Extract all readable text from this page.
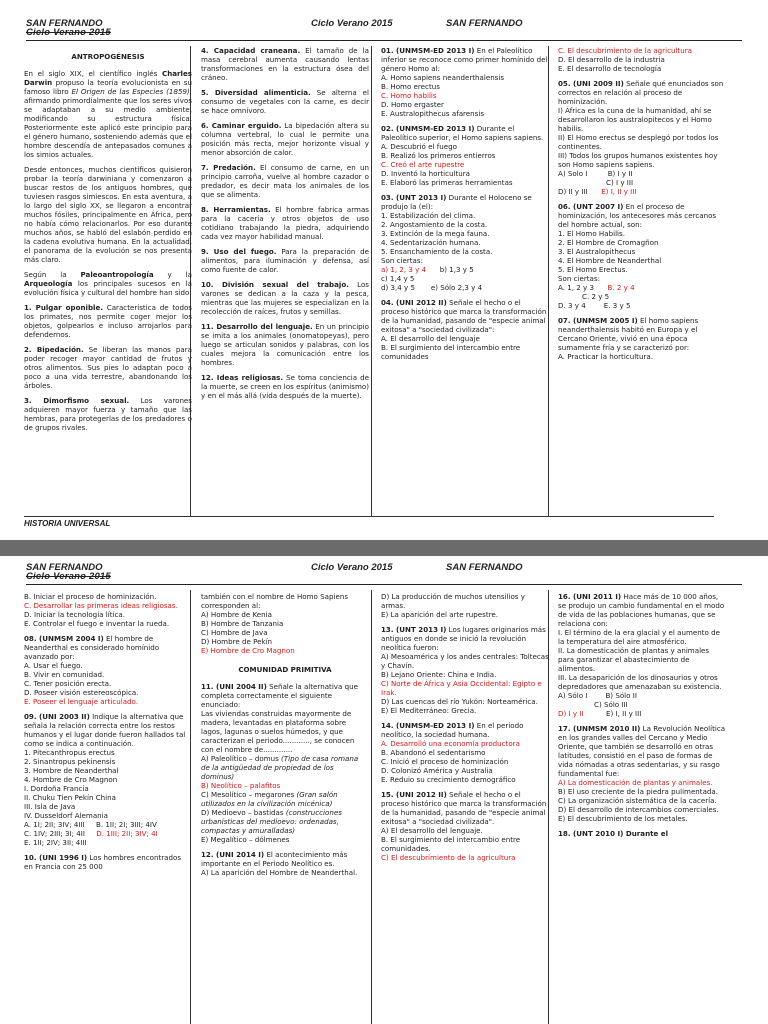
SAN FERNANDO
Ciclo Verano 2015
Ciclo Verano 2015	SAN FERNANDO
ANTROPOGÉNESIS

En el siglo XIX, el científico inglés Charles Darwin propuso la teoría evolucionista en su famoso libro El Origen de las Especies (1859), afirmando primordialmente que los seres vivos se adaptaban a su medio ambiente, modificando su estructura física. Posteriormente este aplicó este principio para el género humano, sosteniendo además que el hombre descendía de antepasados comunes a los simios actuales.

Desde entonces, muchos científicos quisieron probar la teoría darwiniana y comenzaron a buscar restos de los antiguos hombres, que tuviesen rasgos simiescos. En esta aventura, a lo largo del siglo XX, se llegaron a encontrar muchos fósiles, principalmente en África, pero no había cómo relacionarlos. Por eso durante muchos años, se habló del eslabón perdido en la cadena evolutiva humana. En la actualidad, el panorama de la evolución se nos presenta más claro.

Según la Paleoantropología y la Arqueología los principales sucesos en la evolución física y cultural del hombre han sido:

1. Pulgar oponible. Característica de todos los primates, nos permite coger mejor los objetos, golpearlos e incluso arrojarlos para defendernos.

2. Bipedación. Se liberan las manos para poder recoger mayor cantidad de frutos y otros alimentos. Sus pies lo adaptan poco a poco a una vida terrestre, abandonando los árboles.

3. Dimorfismo sexual. Los varones adquieren mayor fuerza y tamaño que las hembras, para protegerlas de los predadores o de grupos rivales.

4. Capacidad craneana. El tamaño de la masa cerebral aumenta causando lentas transformaciones en la estructura ósea del cráneo.

5. Diversidad alimenticia. Se alterna el consumo de vegetales con la carne, es decir se hace omnívoro.

6. Caminar erguido. La bipedación altera su columna vertebral, lo cual le permite una posición más recta, mejor horizonte visual y menor absorción de calor.

7. Predación. El consumo de carne, en un principio carroña, vuelve al hombre cazador o predador, es decir mata los animales de los que se alimenta.

8. Herramientas. El hombre fabrica armas para la cacería y otros objetos de uso cotidiano trabajando la piedra, adquiriendo cada vez mayor habilidad manual.

9. Uso del fuego. Para la preparación de alimentos, para iluminación y defensa, así como fuente de calor.

10. División sexual del trabajo. Los varones se dedican a la caza y la pesca, mientras que las mujeres se especializan en la recolección de raíces, frutos y semillas.

11. Desarrollo del lenguaje. En un principio se imita a los animales (onomatopeyas), pero luego se articulan sonidos y palabras, con los cuales mejora la comunicación entre los hombres.

12. Ideas religiosas. Se toma conciencia de la muerte, se creen en los espíritus (animismo) y en el más allá (vida después de la muerte).

01. (UNMSM-ED 2013 I) En el Paleolítico inferior se reconoce como primer homínido del género Homo al:
A. Homo sapiens neanderthalensis
B. Homo erectus
C. Homo habilis
D. Homo ergaster
E. Australopithecus afarensis
02. (UNMSM-ED 2013 I) Durante el Paleolítico superior, el Homo sapiens sapiens.
A. Descubrió el fuego
B. Realizó los primeros entierros
C. Creó el arte rupestre
D. Inventó la horticultura
E. Elaboró las primeras herramientas
03. (UNT 2013 I) Durante el Holoceno se produjo la (el):
1. Estabilización del clima.
2. Angostamiento de la costa.
3. Extinción de la mega fauna.
4. Sedentarización humana.
5. Ensanchamiento de la costa.
Son ciertas:
a) 1, 2, 3 y 4 b) 1,3 y 5
c) 1,4 y 5
d) 3,4 y 5 e) Sólo 2,3 y 4
04. (UNI 2012 II) Señale el hecho o el proceso histórico que marca la transformación de la humanidad, pasando de "especie animal exitosa" a "sociedad civilizada":
A. El desarrollo del lenguaje
B. El surgimiento del intercambio entre comunidades
C. El descubrimiento de la agricultura
D. El desarrollo de la industria
E. El desarrollo de tecnología
05. (UNI 2009 II) Señale qué enunciados son correctos en relación al proceso de hominización.
I) África es la cuna de la humanidad, ahí se desarrollaron los australopitecos y el Homo habilis.
II) El Homo erectus se desplegó por todos los continentes.
III) Todos los grupos humanos existentes hoy son Homo sapiens sapiens.
A) Solo I	B) I y II
C) I y III
D) II y III E) I, II y III
06. (UNT 2007 I) En el proceso de hominización, los antecesores más cercanos del hombre actual, son:
1. El Homo Habilis.
2. El Hombre de Cromagñon
3. El Australopithecus
4. El Hombre de Neanderthal
5. El Homo Erectus.
Son ciertas:
A. 1, 2 y 3 B. 2 y 4
C. 2 y 5
D. 3 y 4	E. 3 y 5
07. (UNMSM 2005 I) El homo sapiens neanderthalensis habitó en Europa y el Cercano Oriente, vivió en una época sumamente fría y se caracterizó por:
A. Practicar la horticultura.
HISTORIA UNIVERSAL
SAN FERNANDO
Ciclo Verano 2015
Ciclo Verano 2015	SAN FERNANDO
B. Iniciar el proceso de hominización.
C. Desarrollar las primeras ideas religiosas.
D. Iniciar la tecnología lítica.
E. Controlar el fuego e inventar la rueda.
08. (UNMSM 2004 I) El hombre de Neanderthal es considerado homínido avanzado por:
A. Usar el fuego.
B. Vivir en comunidad.
C. Tener posición erecta.
D. Poseer visión estereoscópica.
E. Poseer el lenguaje articulado.
09. (UNI 2003 II) Indique la alternativa que señala la relación correcta entre los restos humanos y el lugar donde fueron hallados tal como se indica a continuación.
1. Pitecanthropus erectus
2. Sinantropus pekinensis
3. Hombre de Neanderthal
4. Hombre de Cro Magnon
I. Dordoña Francia
II. Chuku Tien Pekín China
III. Isla de Java
IV. Dusseldorf Alemania
A. 1I; 2II; 3IV; 4III B. 1II; 2I; 3III; 4IV
C. 1IV; 2III; 3I; 4II D. 1III; 2II; 3IV; 4I
E. 1II; 2IV; 3II; 4III
10. (UNI 1996 I) Los hombres encontrados en Francia con 25 000
también con el nombre de Homo Sapiens corresponden al:
A) Hombre de Kenia
B) Hombre de Tanzania
C) Hombre de Java
D) Hombre de Pekín
E) Hombre de Cro Magnon
COMUNIDAD PRIMITIVA
11. (UNI 2004 II) Señale la alternativa que completa correctamente el siguiente enunciado:
Las viviendas construidas mayormente de madera, levantadas en plataforma sobre lagos, lagunas o suelos húmedos, y que caracterizan el periodo............, se conocen con el nombre de.............
A) Paleolítico – domus (Tipo de casa romana de la antigüedad de propiedad de los dominus)
B) Neolítico – palafitos
C) Mesolítico – megarones (Gran salón utilizados en la civilización micénica)
D) Medioevo – bastidas (construcciones urbanísticas del medioevo: ordenadas, compactas y amuralladas)
E) Megalítico – dólmenes
12. (UNI 2014 I) El acontecimiento más importante en el Periodo Neolítico es.
A) La aparición del Hombre de Neanderthal.
D) La producción de muchos utensilios y armas.
E) La aparición del arte rupestre.
13. (UNT 2013 I) Los lugares originarios más antiguos en donde se inició la revolución neolítica fueron:
A) Mesoamérica y los andes centrales: Toltecas y Chavín.
B) Lejano Oriente: China e India.
C) Norte de África y Asia Occidental: Egipto e Irak.
D) Las cuencas del río Yukón: Norteamérica.
E) El Mediterráneo: Grecia.
14. (UNMSM-ED 2013 I) En el periodo neolítico, la sociedad humana.
A. Desarrolló una economía productora
B. Abandonó el sedentarismo
C. Inició el proceso de hominización
D. Colonizó América y Australia
E. Reduio su crecimiento demográfico
15. (UNI 2012 II) Señale el hecho o el proceso histórico que marca la transformación de la humanidad, pasando de "especie animal exitosa" a "sociedad civilizada".
A) El desarrollo del lenguaje.
B. El surgimiento del intercambio entre comunidades.
C) El descubrimiento de la agricultura
16. (UNI 2011 I) Hace más de 10 000 años, se produjo un cambio fundamental en el modo de vida de las poblaciones humanas, que se relaciona con:
I. El término de la era glacial y el aumento de la temperatura del aire atmosférico.
II. La domesticación de plantas y animales para garantizar el abastecimiento de alimentos.
III. La desaparición de los dinosaurios y otros depredadores que amenazaban su existencia.
A) Sólo I	B) Sólo II
C) Sólo III
D) I y II	E) I, II y III
17. (UNMSM 2010 II) La Revolución Neolítica en los grandes valles del Cercano y Medio Oriente, que también se desarrolló en otras latitudes, consistió en el paso de formas de vida nómadas a otras sedentarias, y su rasgo fundamental fue:
A) La domesticación de plantas y animales.
B) El uso creciente de la piedra pulimentada.
C) La organización sistemática de la cacería.
D) El desarrollo de intercambios comerciales.
E) El descubrimiento de los metales.
18. (UNT 2010 I) Durante el
